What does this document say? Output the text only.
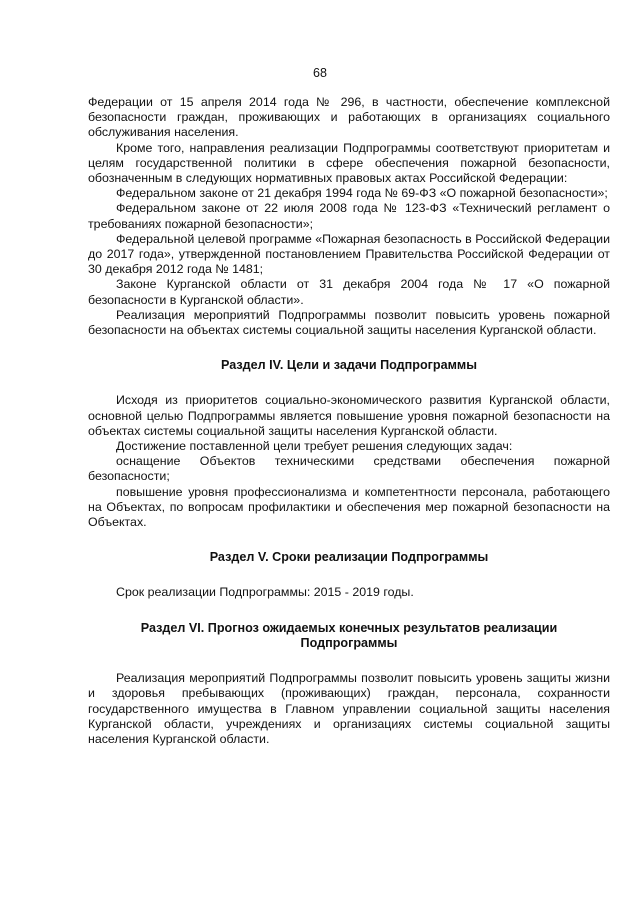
68

Федерации от 15 апреля 2014 года № 296, в частности, обеспечение комплексной безопасности граждан, проживающих и работающих в организациях социального обслуживания населения.

Кроме того, направления реализации Подпрограммы соответствуют приоритетам и целям государственной политики в сфере обеспечения пожарной безопасности, обозначенным в следующих нормативных правовых актах Российской Федерации:

Федеральном законе от 21 декабря 1994 года № 69-ФЗ «О пожарной безопасности»;

Федеральном законе от 22 июля 2008 года № 123-ФЗ «Технический регламент о требованиях пожарной безопасности»;

Федеральной целевой программе «Пожарная безопасность в Российской Федерации до 2017 года», утвержденной постановлением Правительства Российской Федерации от 30 декабря 2012 года № 1481;

Законе Курганской области от 31 декабря 2004 года № 17 «О пожарной безопасности в Курганской области».

Реализация мероприятий Подпрограммы позволит повысить уровень пожарной безопасности на объектах системы социальной защиты населения Курганской области.

Раздел IV. Цели и задачи Подпрограммы

Исходя из приоритетов социально-экономического развития Курганской области, основной целью Подпрограммы является повышение уровня пожарной безопасности на объектах системы социальной защиты населения Курганской области.

Достижение поставленной цели требует решения следующих задач:

оснащение Объектов техническими средствами обеспечения пожарной безопасности;

повышение уровня профессионализма и компетентности персонала, работающего на Объектах, по вопросам профилактики и обеспечения мер пожарной безопасности на Объектах.

Раздел V. Сроки реализации Подпрограммы

Срок реализации Подпрограммы: 2015 - 2019 годы.

Раздел VI. Прогноз ожидаемых конечных результатов реализации

Подпрограммы

Реализация мероприятий Подпрограммы позволит повысить уровень защиты жизни и здоровья пребывающих (проживающих) граждан, персонала, сохранности государственного имущества в Главном управлении социальной защиты населения Курганской области, учреждениях и организациях системы социальной защиты населения Курганской области.
